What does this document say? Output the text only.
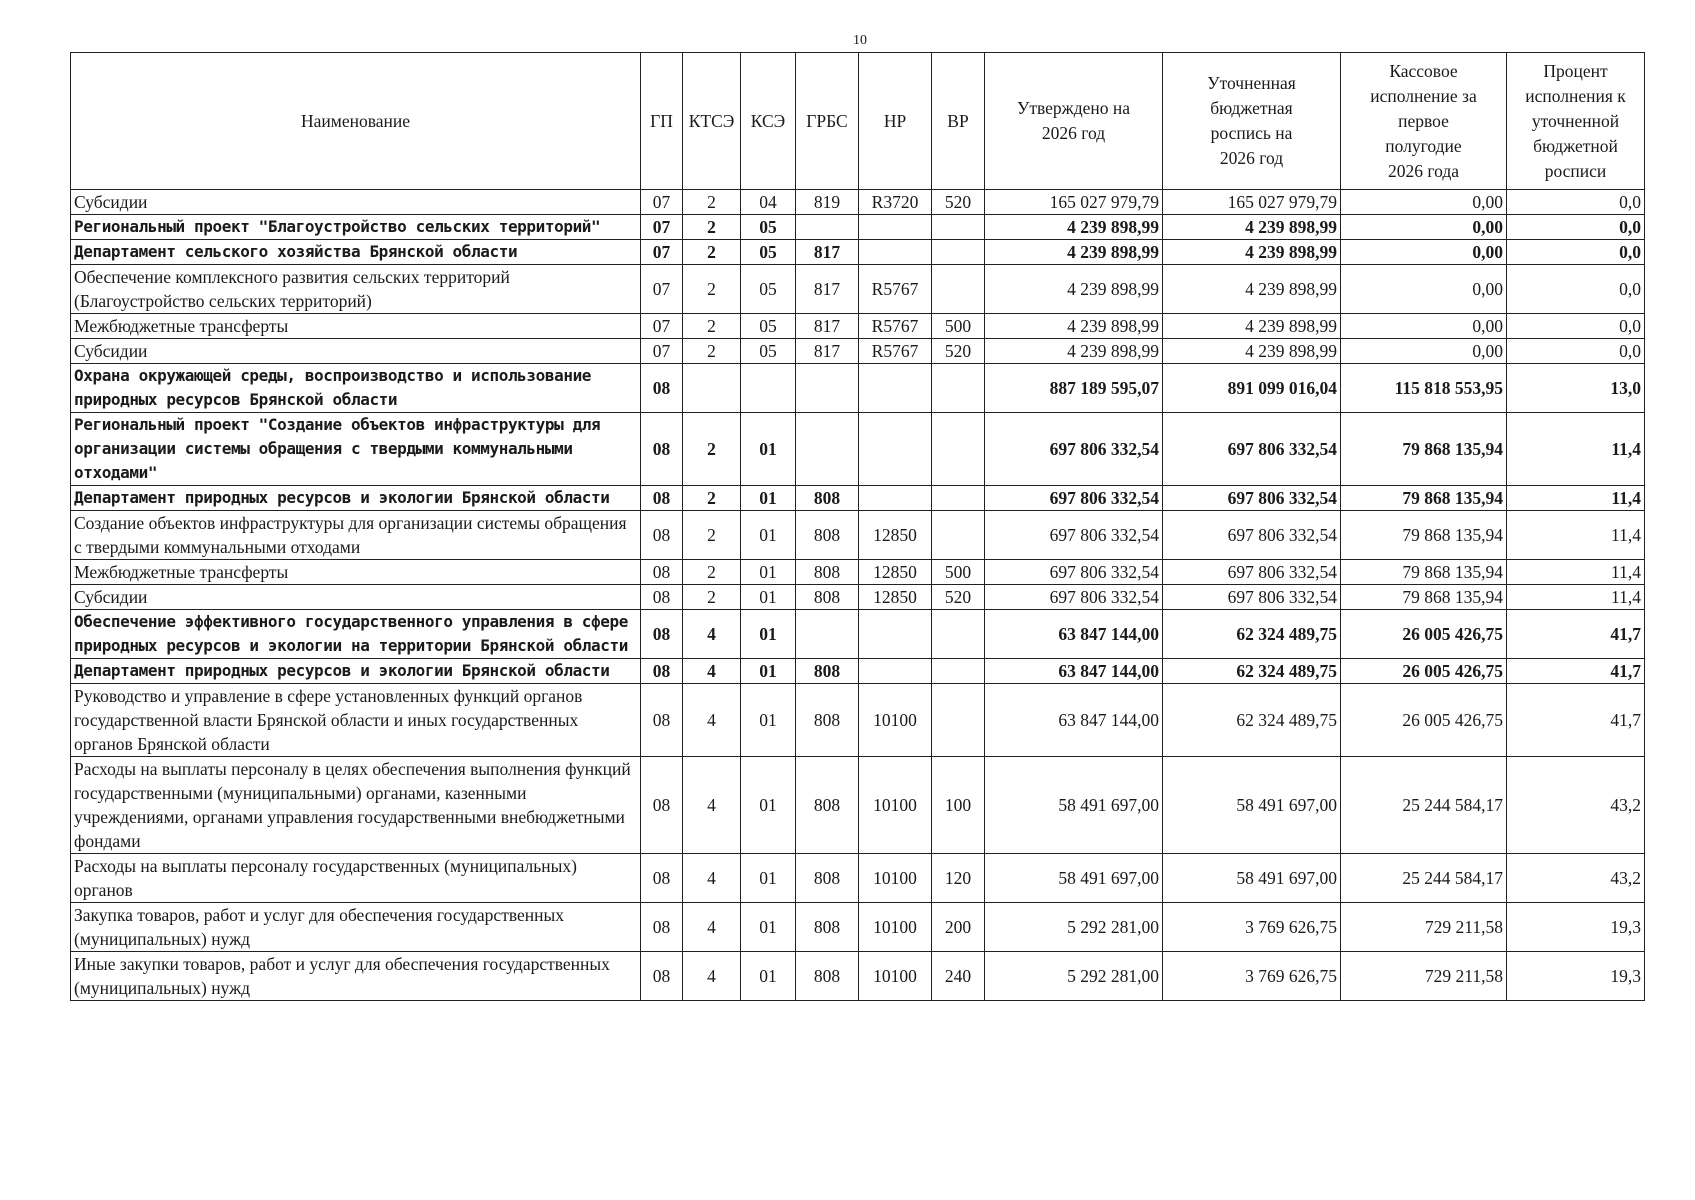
10
Наименование	ГП	КТСЭ	КСЭ	ГРБС	НР	ВР	Утверждено на 2026 год	Уточненная бюджетная роспись на 2026 год	Кассовое исполнение за первое полугодие 2026 года	Процент исполнения к уточненной бюджетной росписи
Субсидии	07	2	04	819	R3720	520	165 027 979,79	165 027 979,79	0,00	0,0
Региональный проект "Благоустройство сельских территорий"	07	2	05				4 239 898,99	4 239 898,99	0,00	0,0
Департамент сельского хозяйства Брянской области	07	2	05	817			4 239 898,99	4 239 898,99	0,00	0,0
Обеспечение комплексного развития сельских территорий (Благоустройство сельских территорий)	07	2	05	817	R5767		4 239 898,99	4 239 898,99	0,00	0,0
Межбюджетные трансферты	07	2	05	817	R5767	500	4 239 898,99	4 239 898,99	0,00	0,0
Субсидии	07	2	05	817	R5767	520	4 239 898,99	4 239 898,99	0,00	0,0
Охрана окружающей среды, воспроизводство и использование природных ресурсов Брянской области	08						887 189 595,07	891 099 016,04	115 818 553,95	13,0
Региональный проект "Создание объектов инфраструктуры для организации системы обращения с твердыми коммунальными отходами"	08	2	01				697 806 332,54	697 806 332,54	79 868 135,94	11,4
Департамент природных ресурсов и экологии Брянской области	08	2	01	808			697 806 332,54	697 806 332,54	79 868 135,94	11,4
Создание объектов инфраструктуры для организации системы обращения с твердыми коммунальными отходами	08	2	01	808	12850		697 806 332,54	697 806 332,54	79 868 135,94	11,4
Межбюджетные трансферты	08	2	01	808	12850	500	697 806 332,54	697 806 332,54	79 868 135,94	11,4
Субсидии	08	2	01	808	12850	520	697 806 332,54	697 806 332,54	79 868 135,94	11,4
Обеспечение эффективного государственного управления в сфере природных ресурсов и экологии на территории Брянской области	08	4	01				63 847 144,00	62 324 489,75	26 005 426,75	41,7
Департамент природных ресурсов и экологии Брянской области	08	4	01	808			63 847 144,00	62 324 489,75	26 005 426,75	41,7
Руководство и управление в сфере установленных функций органов государственной власти Брянской области и иных государственных органов Брянской области	08	4	01	808	10100		63 847 144,00	62 324 489,75	26 005 426,75	41,7
Расходы на выплаты персоналу в целях обеспечения выполнения функций государственными (муниципальными) органами, казенными учреждениями, органами управления государственными внебюджетными фондами	08	4	01	808	10100	100	58 491 697,00	58 491 697,00	25 244 584,17	43,2
Расходы на выплаты персоналу государственных (муниципальных) органов	08	4	01	808	10100	120	58 491 697,00	58 491 697,00	25 244 584,17	43,2
Закупка товаров, работ и услуг для обеспечения государственных (муниципальных) нужд	08	4	01	808	10100	200	5 292 281,00	3 769 626,75	729 211,58	19,3
Иные закупки товаров, работ и услуг для обеспечения государственных (муниципальных) нужд	08	4	01	808	10100	240	5 292 281,00	3 769 626,75	729 211,58	19,3
